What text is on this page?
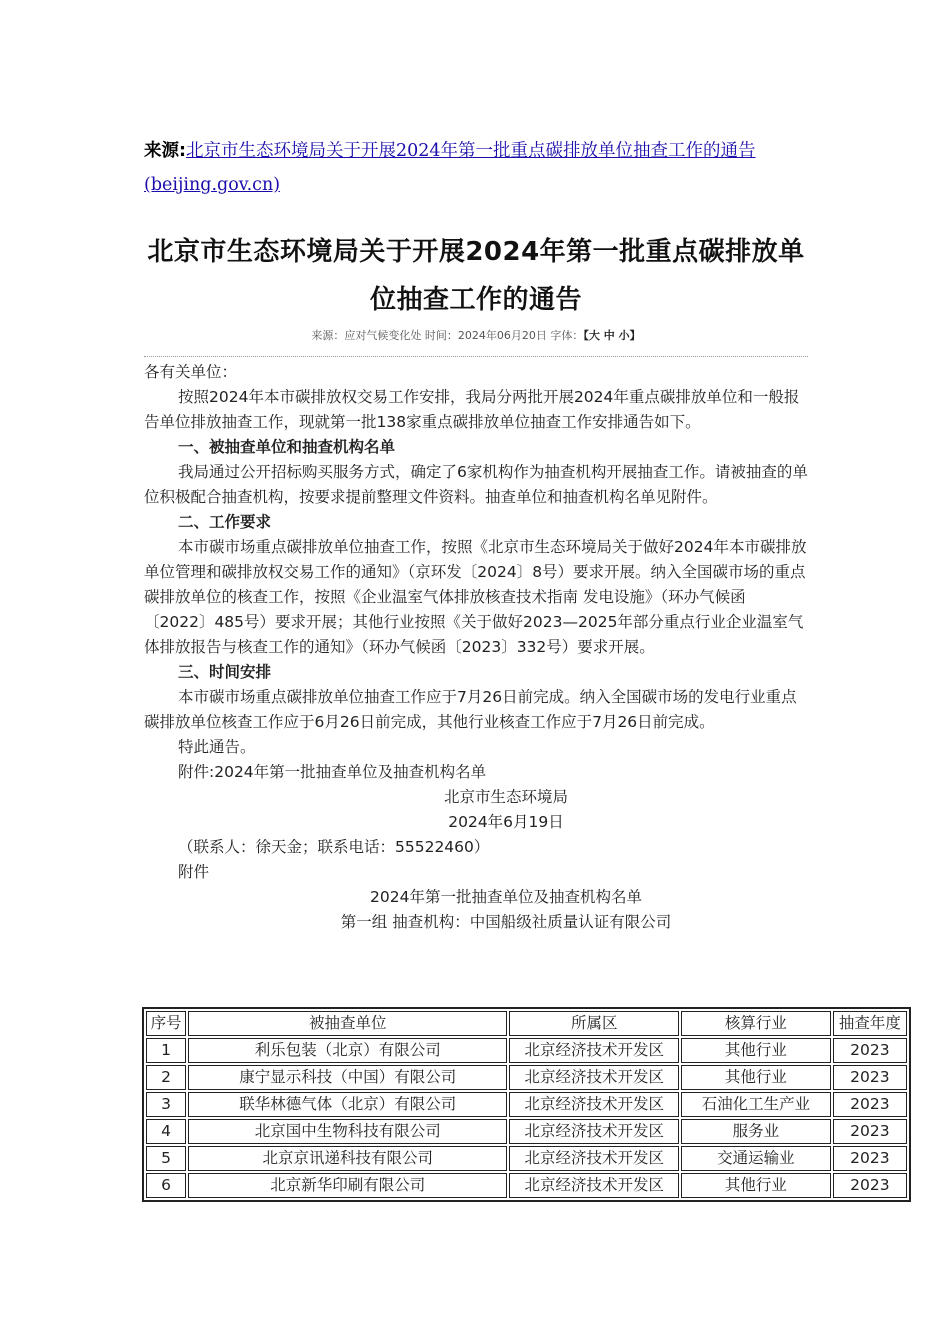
来源:北京市生态环境局关于开展2024年第一批重点碳排放单位抽查工作的通告 (beijing.gov.cn)
北京市生态环境局关于开展2024年第一批重点碳排放单位抽查工作的通告
来源：应对气候变化处 时间：2024年06月20日 字体：【大 中 小】

各有关单位：

按照2024年本市碳排放权交易工作安排，我局分两批开展2024年重点碳排放单位和一般报告单位排放抽查工作，现就第一批138家重点碳排放单位抽查工作安排通告如下。

一、被抽查单位和抽查机构名单

我局通过公开招标购买服务方式，确定了6家机构作为抽查机构开展抽查工作。请被抽查的单位积极配合抽查机构，按要求提前整理文件资料。抽查单位和抽查机构名单见附件。

二、工作要求

本市碳市场重点碳排放单位抽查工作，按照《北京市生态环境局关于做好2024年本市碳排放单位管理和碳排放权交易工作的通知》（京环发〔2024〕8号）要求开展。纳入全国碳市场的重点碳排放单位的核查工作，按照《企业温室气体排放核查技术指南 发电设施》（环办气候函〔2022〕485号）要求开展；其他行业按照《关于做好2023—2025年部分重点行业企业温室气体排放报告与核查工作的通知》（环办气候函〔2023〕332号）要求开展。

三、时间安排

本市碳市场重点碳排放单位抽查工作应于7月26日前完成。纳入全国碳市场的发电行业重点碳排放单位核查工作应于6月26日前完成，其他行业核查工作应于7月26日前完成。

特此通告。

附件:2024年第一批抽查单位及抽查机构名单

北京市生态环境局

2024年6月19日

（联系人：徐天金；联系电话：55522460）

附件

2024年第一批抽查单位及抽查机构名单

第一组 抽查机构：中国船级社质量认证有限公司

序号	被抽查单位	所属区	核算行业	抽查年度
1	利乐包装（北京）有限公司	北京经济技术开发区	其他行业	2023
2	康宁显示科技（中国）有限公司	北京经济技术开发区	其他行业	2023
3	联华林德气体（北京）有限公司	北京经济技术开发区	石油化工生产业	2023
4	北京国中生物科技有限公司	北京经济技术开发区	服务业	2023
5	北京京讯递科技有限公司	北京经济技术开发区	交通运输业	2023
6	北京新华印刷有限公司	北京经济技术开发区	其他行业	2023
